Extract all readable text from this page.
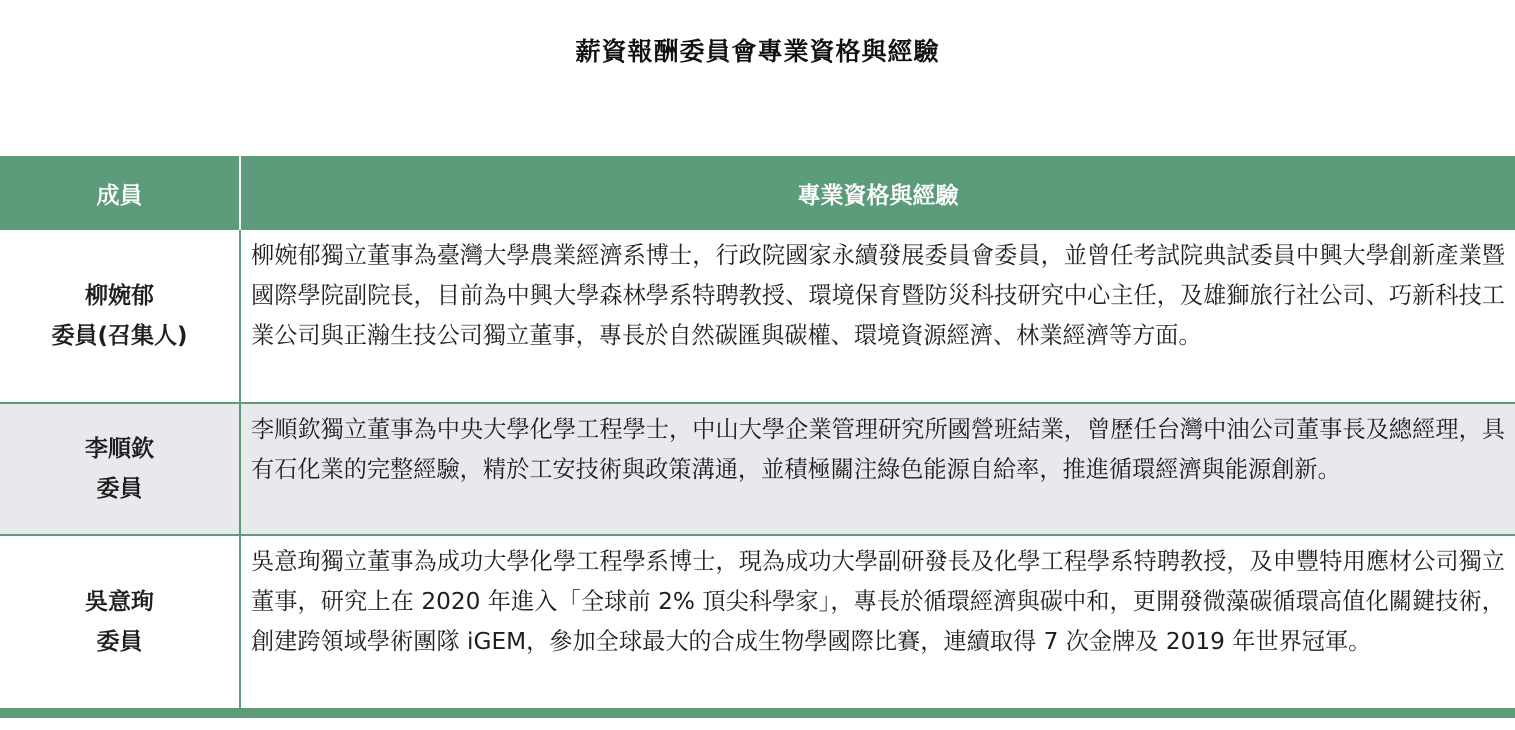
薪資報酬委員會專業資格與經驗
成員	專業資格與經驗
柳婉郁
委員(召集人)
柳婉郁獨立董事為臺灣大學農業經濟系博士，行政院國家永續發展委員會委員，並曾任考試院典試委員中興大學創新產業暨國際學院副院長，目前為中興大學森林學系特聘教授、環境保育暨防災科技研究中心主任，及雄獅旅行社公司、巧新科技工業公司與正瀚生技公司獨立董事，專長於自然碳匯與碳權、環境資源經濟、林業經濟等方面。
李順欽
委員
李順欽獨立董事為中央大學化學工程學士，中山大學企業管理研究所國營班結業，曾歷任台灣中油公司董事長及總經理，具有石化業的完整經驗，精於工安技術與政策溝通，並積極關注綠色能源自給率，推進循環經濟與能源創新。
吳意珣
委員
吳意珣獨立董事為成功大學化學工程學系博士，現為成功大學副研發長及化學工程學系特聘教授，及申豐特用應材公司獨立董事，研究上在 2020 年進入「全球前 2% 頂尖科學家」，專長於循環經濟與碳中和，更開發微藻碳循環高值化關鍵技術，創建跨領域學術團隊 iGEM，參加全球最大的合成生物學國際比賽，連續取得 7 次金牌及 2019 年世界冠軍。
